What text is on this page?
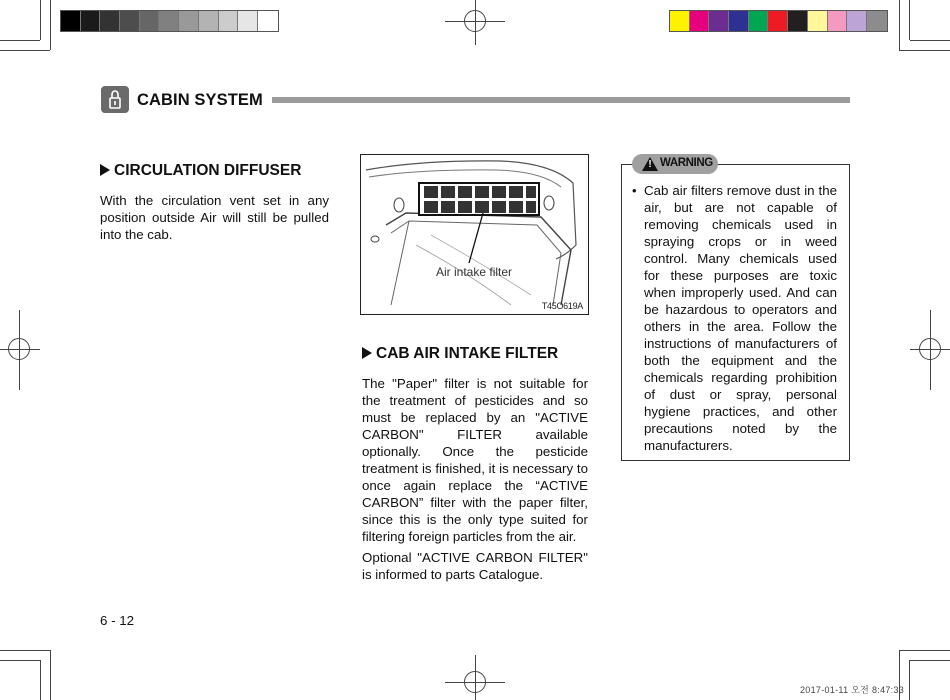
CABIN SYSTEM
CIRCULATION DIFFUSER

With the circulation vent set in any position outside Air will still be pulled into the cab.

Air intake filter
T45O619A
CAB AIR INTAKE FILTER

The "Paper" filter is not suitable for the treatment of pesticides and so must be replaced by an "ACTIVE CARBON" FILTER available optionally. Once the pesticide treatment is finished, it is necessary to once again replace the “ACTIVE CARBON” filter with the paper filter, since this is the only type suited for filtering foreign particles from the air.

Optional "ACTIVE CARBON FILTER" is informed to parts Catalogue.

! WARNING
• Cab air filters remove dust in the air, but are not capable of removing chemicals used in spraying crops or in weed control. Many chemicals used for these purposes are toxic when improperly used. And can be hazardous to operators and others in the area. Follow the instructions of manufacturers of both the equipment and the chemicals regarding prohibition of dust or spray, personal hygiene practices, and other precautions noted by the manufacturers.
6 - 12
2017-01-11 오전 8:47:33
